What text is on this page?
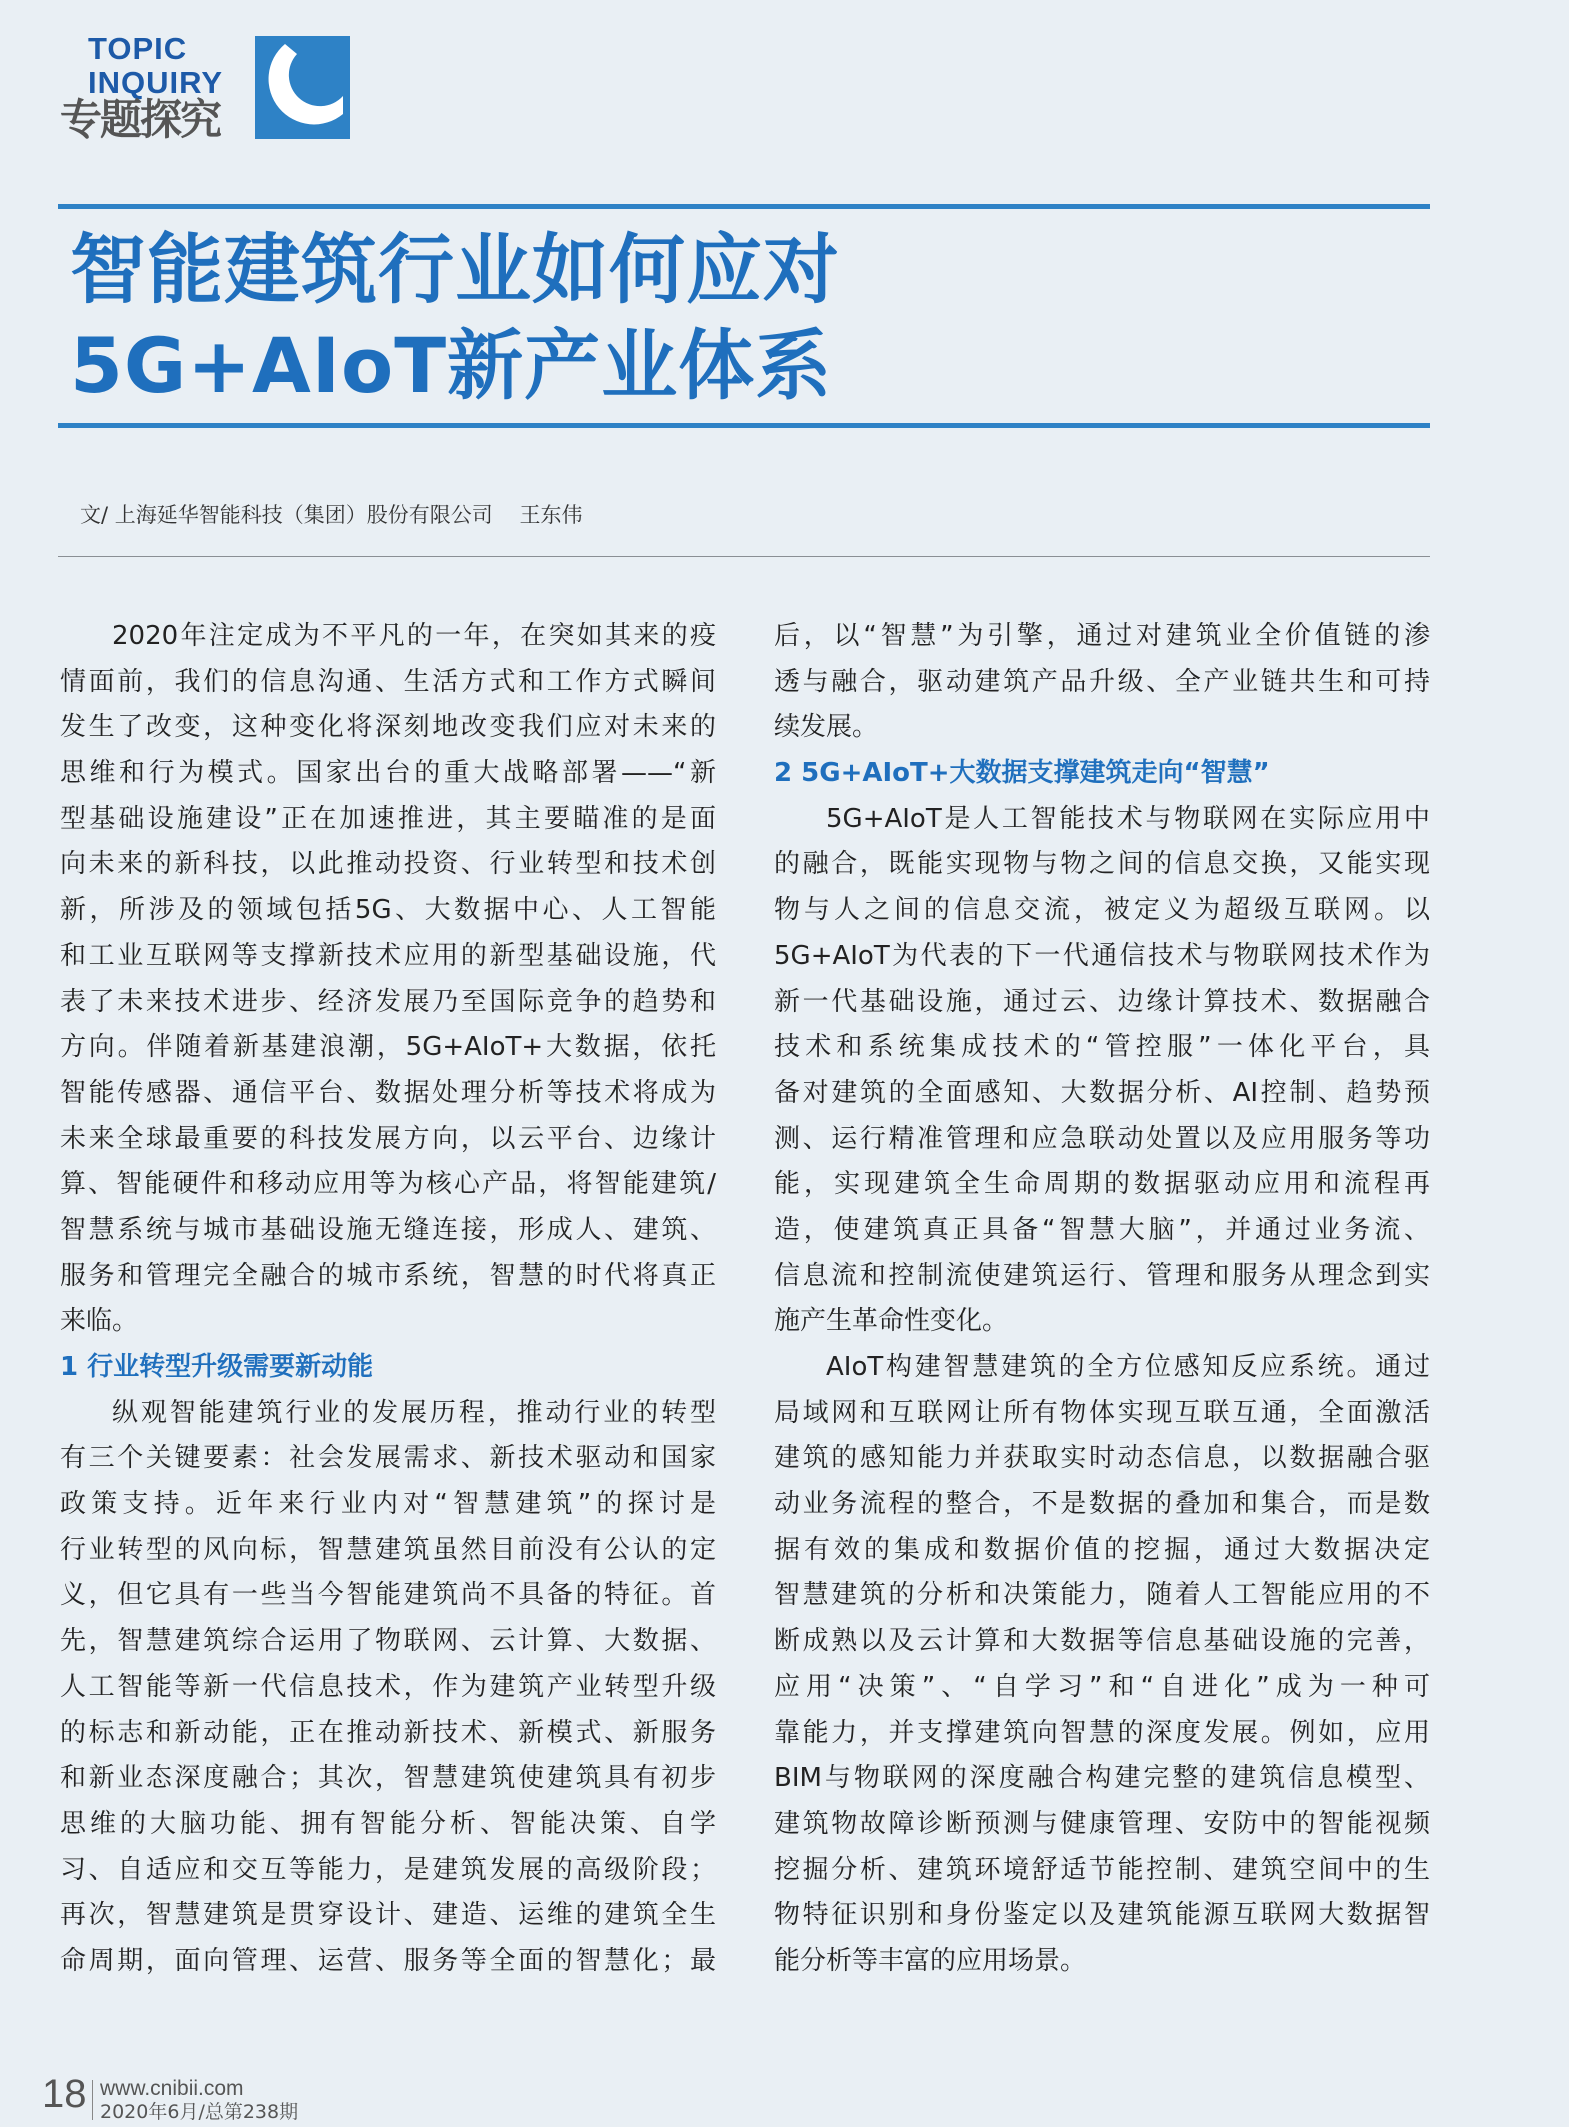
TOPIC
INQUIRY
专题探究
智能建筑行业如何应对
5G+AIoT新产业体系
文/ 上海延华智能科技（集团）股份有限公司    王东伟
2020年注定成为不平凡的一年，在突如其来的疫
情面前，我们的信息沟通、生活方式和工作方式瞬间
发生了改变，这种变化将深刻地改变我们应对未来的
思维和行为模式。国家出台的重大战略部署——“新
型基础设施建设”正在加速推进，其主要瞄准的是面
向未来的新科技，以此推动投资、行业转型和技术创
新，所涉及的领域包括5G、大数据中心、人工智能
和工业互联网等支撑新技术应用的新型基础设施，代
表了未来技术进步、经济发展乃至国际竞争的趋势和
方向。伴随着新基建浪潮，5G+AIoT+大数据，依托
智能传感器、通信平台、数据处理分析等技术将成为
未来全球最重要的科技发展方向，以云平台、边缘计
算、智能硬件和移动应用等为核心产品，将智能建筑/
智慧系统与城市基础设施无缝连接，形成人、建筑、
服务和管理完全融合的城市系统，智慧的时代将真正
来临。
1 行业转型升级需要新动能
纵观智能建筑行业的发展历程，推动行业的转型
有三个关键要素：社会发展需求、新技术驱动和国家
政策支持。近年来行业内对“智慧建筑”的探讨是
行业转型的风向标，智慧建筑虽然目前没有公认的定
义，但它具有一些当今智能建筑尚不具备的特征。首
先，智慧建筑综合运用了物联网、云计算、大数据、
人工智能等新一代信息技术，作为建筑产业转型升级
的标志和新动能，正在推动新技术、新模式、新服务
和新业态深度融合；其次，智慧建筑使建筑具有初步
思维的大脑功能、拥有智能分析、智能决策、自学
习、自适应和交互等能力，是建筑发展的高级阶段；
再次，智慧建筑是贯穿设计、建造、运维的建筑全生
命周期，面向管理、运营、服务等全面的智慧化；最
后，以“智慧”为引擎，通过对建筑业全价值链的渗
透与融合，驱动建筑产品升级、全产业链共生和可持
续发展。
2 5G+AIoT+大数据支撑建筑走向“智慧”
5G+AIoT是人工智能技术与物联网在实际应用中
的融合，既能实现物与物之间的信息交换，又能实现
物与人之间的信息交流，被定义为超级互联网。以
5G+AIoT为代表的下一代通信技术与物联网技术作为
新一代基础设施，通过云、边缘计算技术、数据融合
技术和系统集成技术的“管控服”一体化平台，具
备对建筑的全面感知、大数据分析、AI控制、趋势预
测、运行精准管理和应急联动处置以及应用服务等功
能，实现建筑全生命周期的数据驱动应用和流程再
造，使建筑真正具备“智慧大脑”，并通过业务流、
信息流和控制流使建筑运行、管理和服务从理念到实
施产生革命性变化。
AIoT构建智慧建筑的全方位感知反应系统。通过
局域网和互联网让所有物体实现互联互通，全面激活
建筑的感知能力并获取实时动态信息，以数据融合驱
动业务流程的整合，不是数据的叠加和集合，而是数
据有效的集成和数据价值的挖掘，通过大数据决定
智慧建筑的分析和决策能力，随着人工智能应用的不
断成熟以及云计算和大数据等信息基础设施的完善，
应用“决策”、“自学习”和“自进化”成为一种可
靠能力，并支撑建筑向智慧的深度发展。例如，应用
BIM与物联网的深度融合构建完整的建筑信息模型、
建筑物故障诊断预测与健康管理、安防中的智能视频
挖掘分析、建筑环境舒适节能控制、建筑空间中的生
物特征识别和身份鉴定以及建筑能源互联网大数据智
能分析等丰富的应用场景。
18 www.cnibii.com
2020年6月/总第238期
